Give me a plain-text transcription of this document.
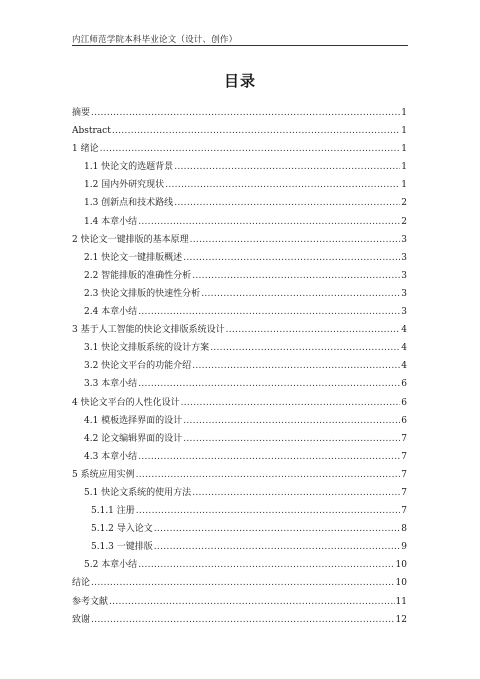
内江师范学院本科毕业论文（设计、创作）
目录
摘要 .....	1
Abstract .....	1
1 绪论 .....	1
1.1 快论文的选题背景 .....	1
1.2 国内外研究现状 .....	1
1.3 创新点和技术路线 .....	2
1.4 本章小结 .....	2
2 快论文一键排版的基本原理 .....	3
2.1 快论文一键排版概述 .....	3
2.2 智能排版的准确性分析 .....	3
2.3 快论文排版的快速性分析 .....	3
2.4 本章小结 .....	3
3 基于人工智能的快论文排版系统设计 .....	4
3.1 快论文排版系统的设计方案 .....	4
3.2 快论文平台的功能介绍 .....	4
3.3 本章小结 .....	6
4 快论文平台的人性化设计 .....	6
4.1 模板选择界面的设计 .....	6
4.2 论文编辑界面的设计 .....	7
4.3 本章小结 .....	7
5 系统应用实例 .....	7
5.1 快论文系统的使用方法 .....	7
5.1.1 注册 .....	7
5.1.2 导入论文 .....	8
5.1.3 一键排版 .....	9
5.2 本章小结 .....	10
结论 .....	10
参考文献 .....	11
致谢 .....	12
